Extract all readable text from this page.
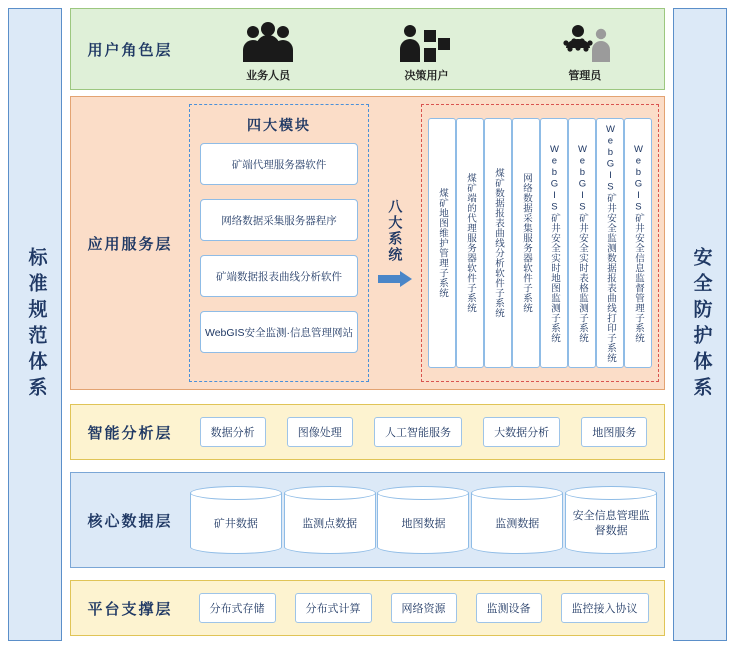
标准规范体系	安全防护体系
用户角色层
业务人员	决策用户	管理员
应用服务层
四大模块
矿端代理服务器软件
网络数据采集服务器程序
矿端数据报表曲线分析软件
WebGIS安全监测·信息管理网站
八大系统	煤矿地图维护管理子系统 煤矿端的代理服务器软件子系统 煤矿数据报表曲线分析软件子系统 网络数据采集服务器软件子系统 WebGIS矿井安全实时地图监测子系统 WebGIS矿井安全实时表格监测子系统 WebGIS矿井安全监测数据报表曲线打印子系统 WebGIS矿井安全信息监督管理子系统
智能分析层	数据分析	图像处理	人工智能服务	大数据分析	地图服务
核心数据层	矿井数据	监测点数据	地图数据	监测数据
安全信息管理监督数据
平台支撑层	分布式存储	分布式计算	网络资源	监测设备	监控接入协议
